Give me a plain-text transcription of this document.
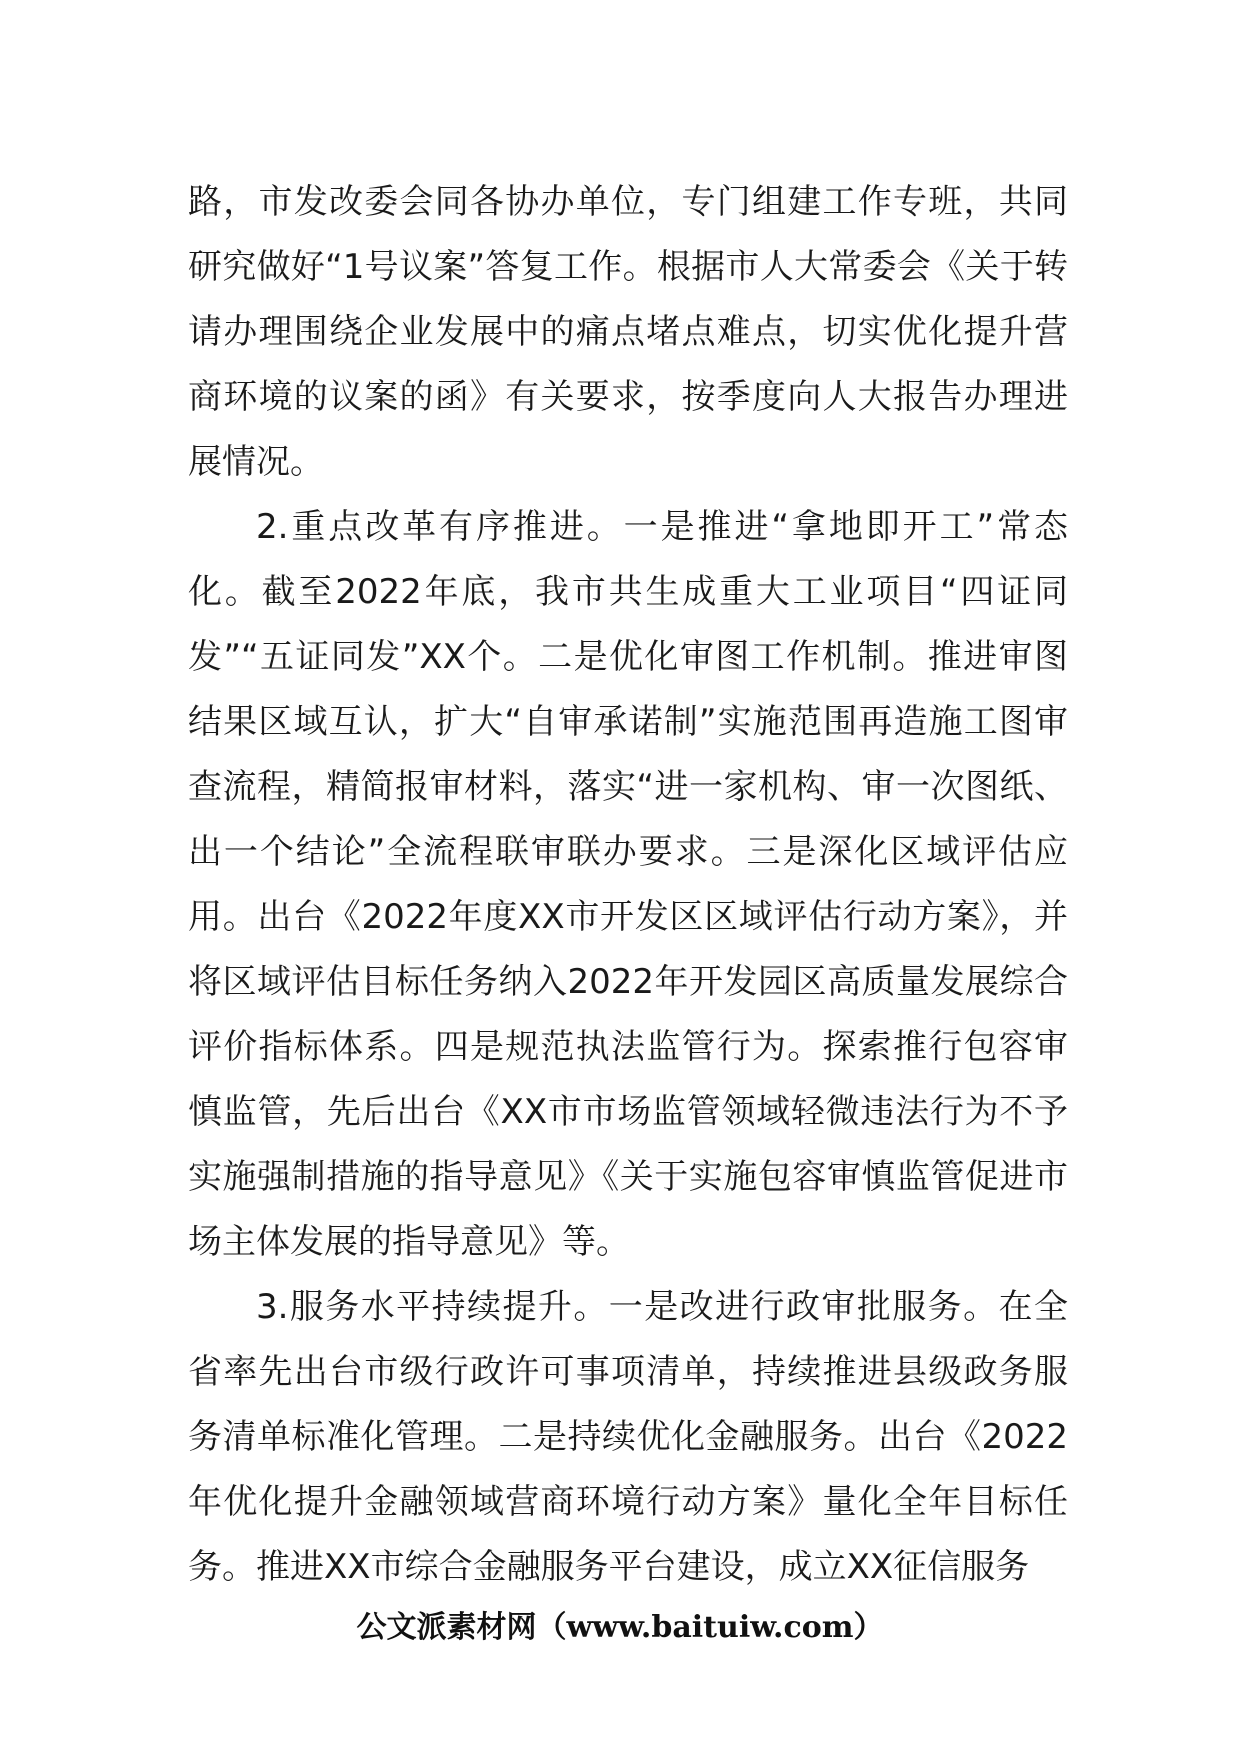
路，市发改委会同各协办单位，专门组建工作专班，共同研究做好“1号议案”答复工作。根据市人大常委会《关于转请办理围绕企业发展中的痛点堵点难点，切实优化提升营商环境的议案的函》有关要求，按季度向人大报告办理进展情况。

2.重点改革有序推进。一是推进“拿地即开工”常态化。截至2022年底，我市共生成重大工业项目“四证同发”“五证同发”XX个。二是优化审图工作机制。推进审图结果区域互认，扩大“自审承诺制”实施范围再造施工图审查流程，精简报审材料，落实“进一家机构、审一次图纸、出一个结论”全流程联审联办要求。三是深化区域评估应用。出台《2022年度XX市开发区区域评估行动方案》，并将区域评估目标任务纳入2022年开发园区高质量发展综合评价指标体系。四是规范执法监管行为。探索推行包容审慎监管，先后出台《XX市市场监管领域轻微违法行为不予实施强制措施的指导意见》《关于实施包容审慎监管促进市场主体发展的指导意见》等。

3.服务水平持续提升。一是改进行政审批服务。在全省率先出台市级行政许可事项清单，持续推进县级政务服务清单标准化管理。二是持续优化金融服务。出台《2022年优化提升金融领域营商环境行动方案》量化全年目标任务。推进XX市综合金融服务平台建设，成立XX征信服务

公文派素材网（www.baituiw.com）
